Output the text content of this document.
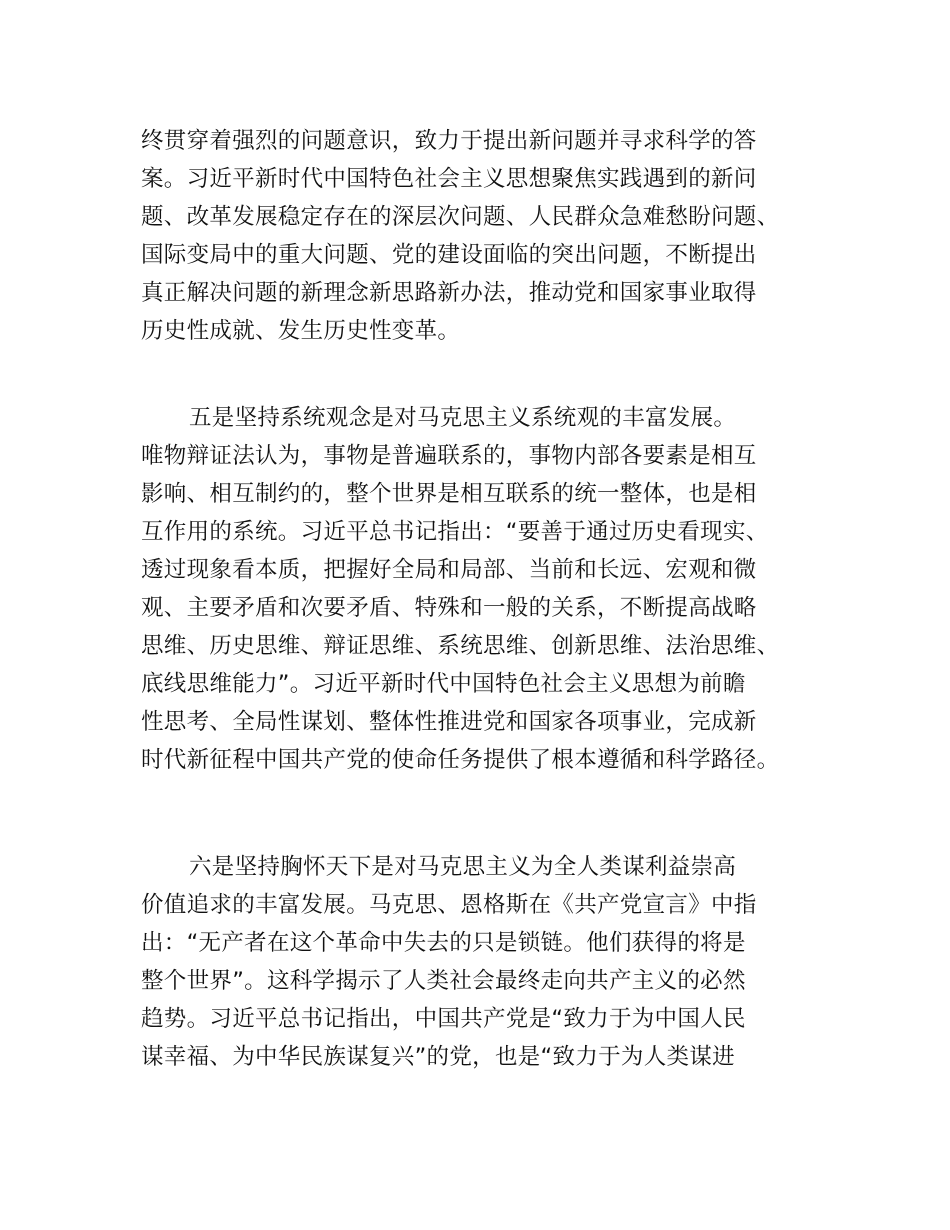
终贯穿着强烈的问题意识，致力于提出新问题并寻求科学的答
案。习近平新时代中国特色社会主义思想聚焦实践遇到的新问
题、改革发展稳定存在的深层次问题、人民群众急难愁盼问题、
国际变局中的重大问题、党的建设面临的突出问题，不断提出
真正解决问题的新理念新思路新办法，推动党和国家事业取得
历史性成就、发生历史性变革。
五是坚持系统观念是对马克思主义系统观的丰富发展。
唯物辩证法认为，事物是普遍联系的，事物内部各要素是相互
影响、相互制约的，整个世界是相互联系的统一整体，也是相
互作用的系统。习近平总书记指出：“要善于通过历史看现实、
透过现象看本质，把握好全局和局部、当前和长远、宏观和微
观、主要矛盾和次要矛盾、特殊和一般的关系，不断提高战略
思维、历史思维、辩证思维、系统思维、创新思维、法治思维、
底线思维能力”。习近平新时代中国特色社会主义思想为前瞻
性思考、全局性谋划、整体性推进党和国家各项事业，完成新
时代新征程中国共产党的使命任务提供了根本遵循和科学路径。
六是坚持胸怀天下是对马克思主义为全人类谋利益崇高
价值追求的丰富发展。马克思、恩格斯在《共产党宣言》中指
出：“无产者在这个革命中失去的只是锁链。他们获得的将是
整个世界”。这科学揭示了人类社会最终走向共产主义的必然
趋势。习近平总书记指出，中国共产党是“致力于为中国人民
谋幸福、为中华民族谋复兴”的党，也是“致力于为人类谋进
